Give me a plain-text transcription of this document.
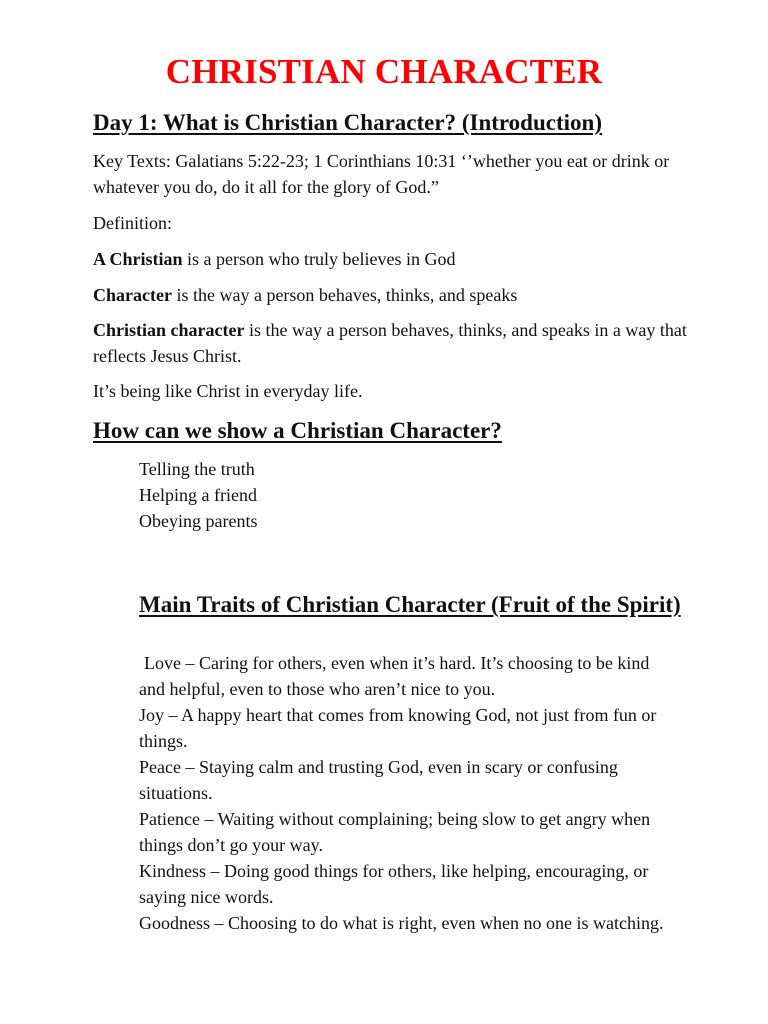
CHRISTIAN CHARACTER
Day 1: What is Christian Character? (Introduction)

Key Texts: Galatians 5:22-23; 1 Corinthians 10:31 ‘’whether you eat or drink or whatever you do, do it all for the glory of God.”

Definition:

A Christian is a person who truly believes in God

Character is the way a person behaves, thinks, and speaks

Christian character is the way a person behaves, thinks, and speaks in a way that reflects Jesus Christ.

It’s being like Christ in everyday life.

How can we show a Christian Character?
Telling the truth
Helping a friend
Obeying parents
Main Traits of Christian Character (Fruit of the Spirit)

Love – Caring for others, even when it’s hard. It’s choosing to be kind and helpful, even to those who aren’t nice to you.

Joy – A happy heart that comes from knowing God, not just from fun or things.

Peace – Staying calm and trusting God, even in scary or confusing situations.

Patience – Waiting without complaining; being slow to get angry when things don’t go your way.

Kindness – Doing good things for others, like helping, encouraging, or saying nice words.

Goodness – Choosing to do what is right, even when no one is watching.
